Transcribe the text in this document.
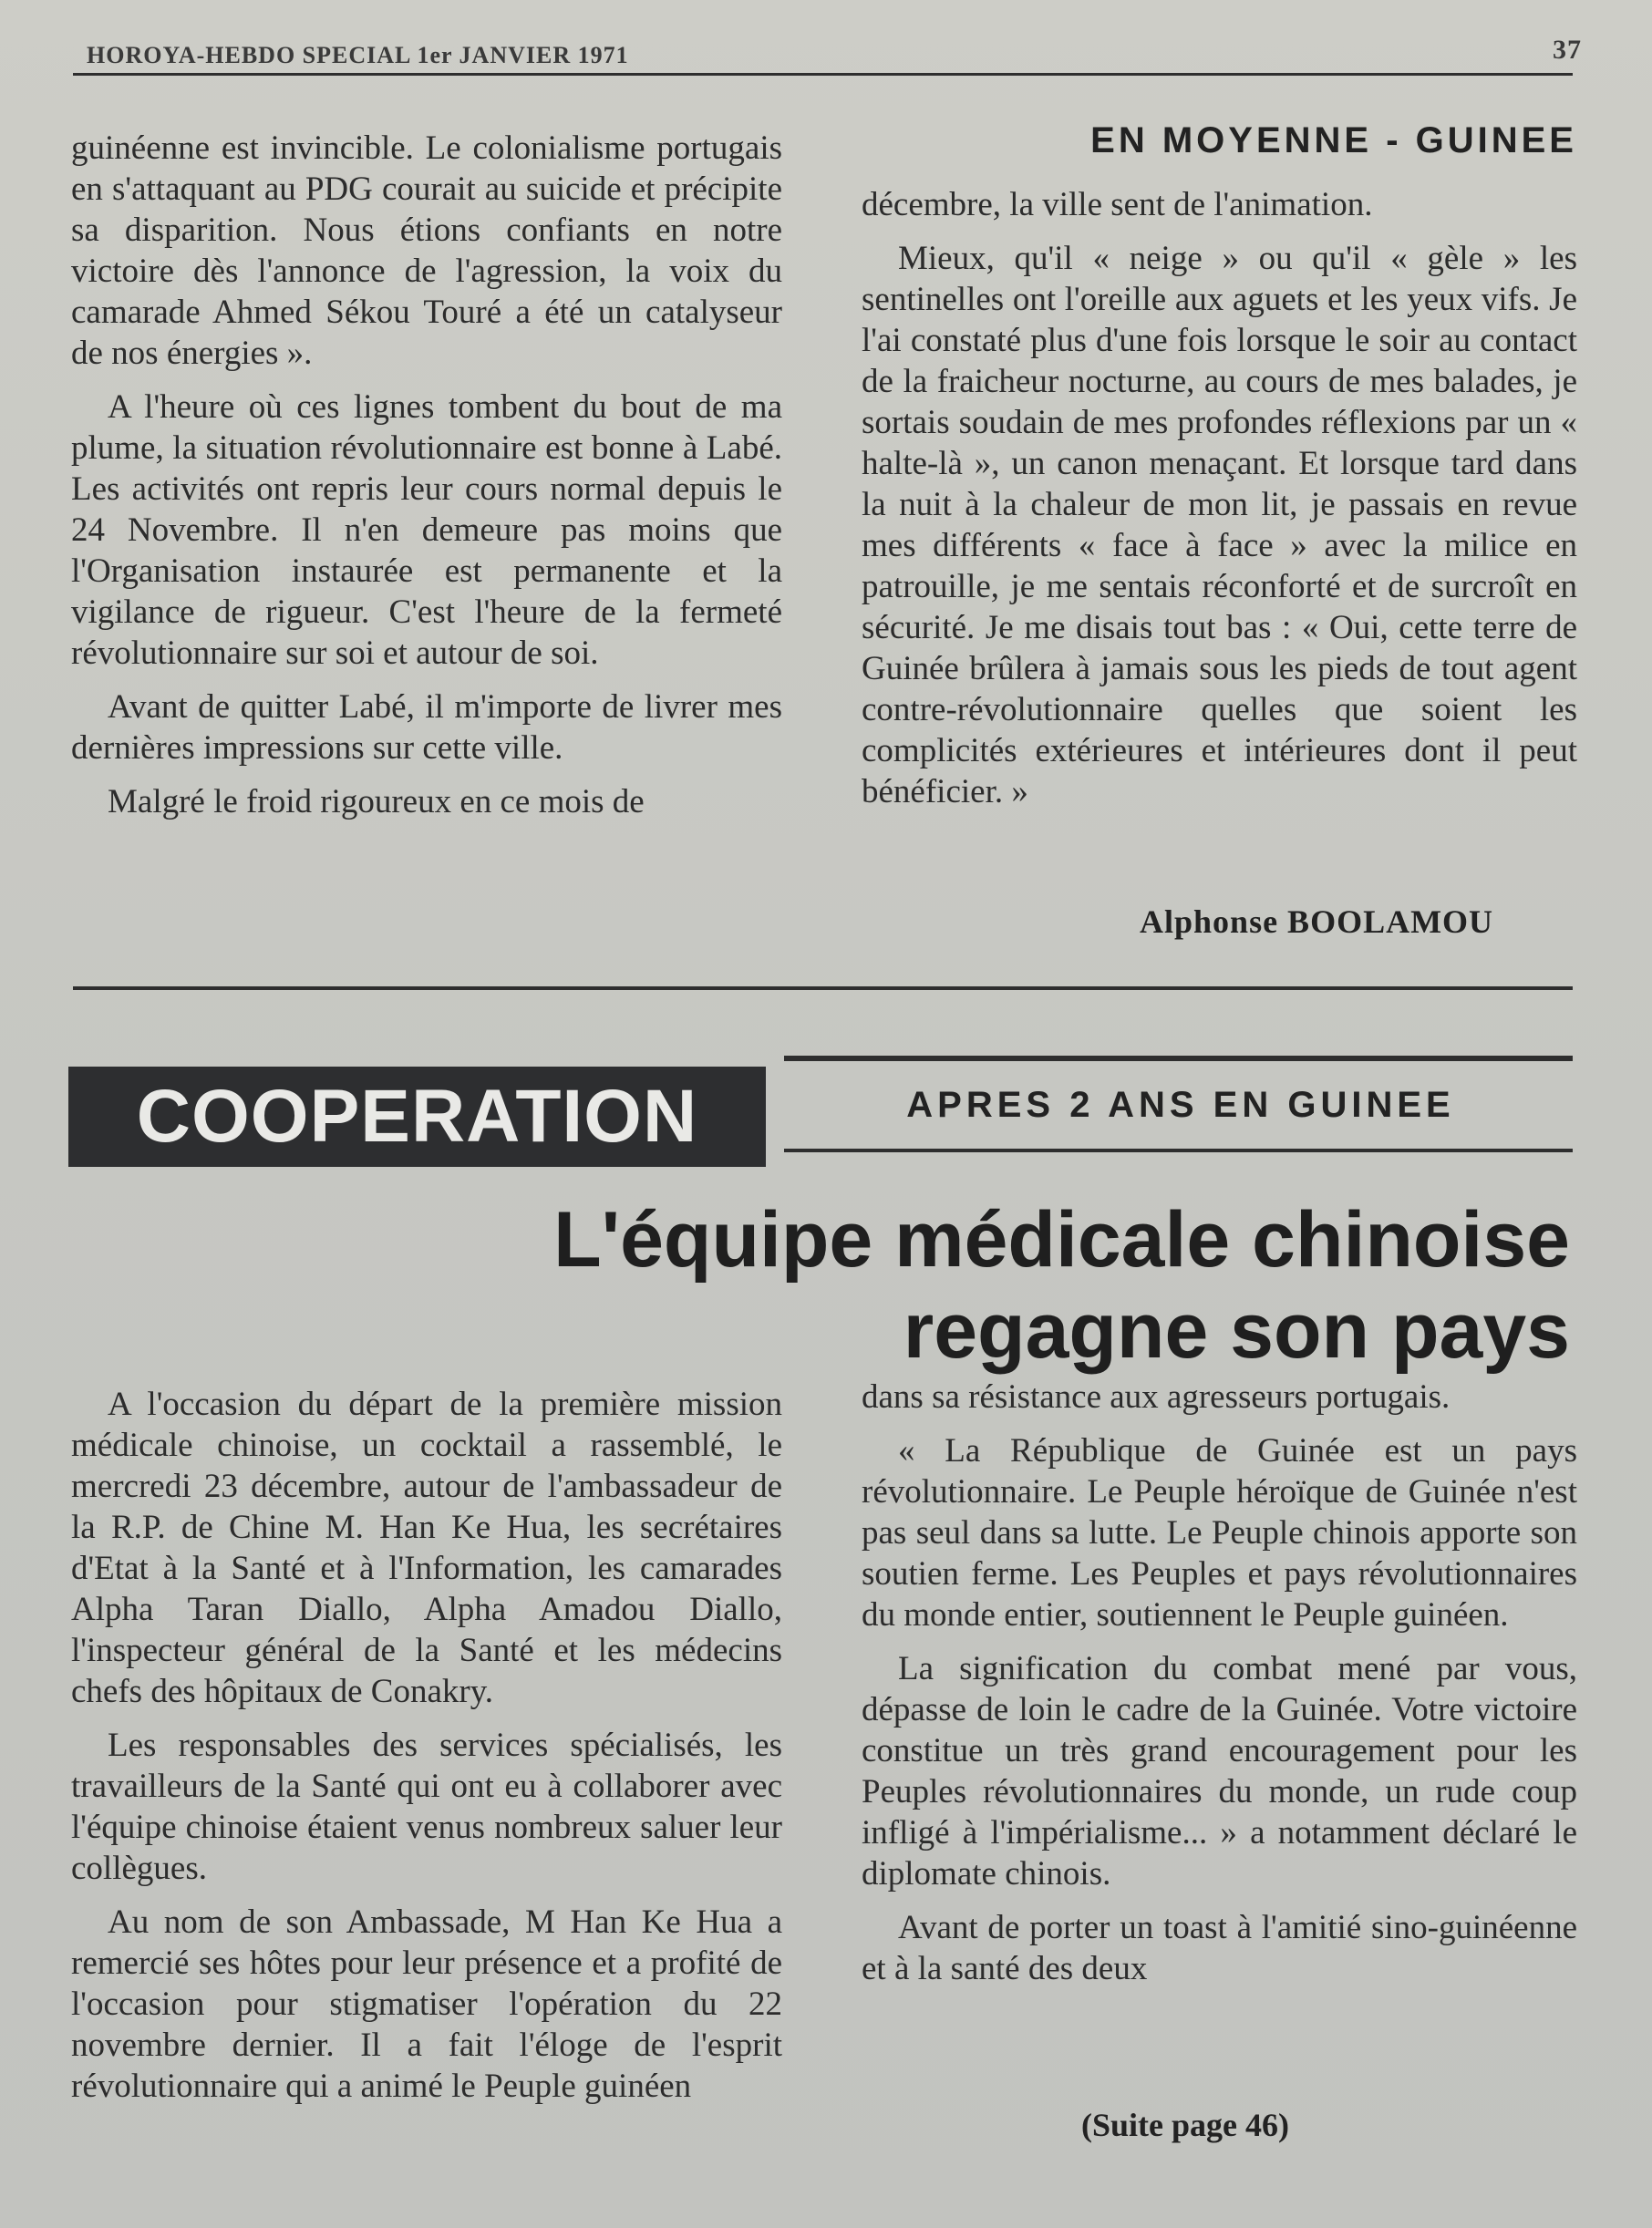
HOROYA-HEBDO SPECIAL 1er JANVIER 1971	37

guinéenne est invincible. Le colonialisme portugais en s'attaquant au PDG courait au suicide et précipite sa disparition. Nous étions confiants en notre victoire dès l'annonce de l'agression, la voix du camarade Ahmed Sékou Touré a été un catalyseur de nos énergies ».

A l'heure où ces lignes tombent du bout de ma plume, la situation révolutionnaire est bonne à Labé. Les activités ont repris leur cours normal depuis le 24 Novembre. Il n'en demeure pas moins que l'Organisation instaurée est permanente et la vigilance de rigueur. C'est l'heure de la fermeté révolutionnaire sur soi et autour de soi.

Avant de quitter Labé, il m'importe de livrer mes dernières impressions sur cette ville.

Malgré le froid rigoureux en ce mois de

EN MOYENNE - GUINEE

décembre, la ville sent de l'animation.

Mieux, qu'il « neige » ou qu'il « gèle » les sentinelles ont l'oreille aux aguets et les yeux vifs. Je l'ai constaté plus d'une fois lorsque le soir au contact de la fraicheur nocturne, au cours de mes balades, je sortais soudain de mes profondes réflexions par un « halte-là », un canon menaçant. Et lorsque tard dans la nuit à la chaleur de mon lit, je passais en revue mes différents « face à face » avec la milice en patrouille, je me sentais réconforté et de surcroît en sécurité. Je me disais tout bas : « Oui, cette terre de Guinée brûlera à jamais sous les pieds de tout agent contre-révolutionnaire quelles que soient les complicités extérieures et intérieures dont il peut bénéficier. »

Alphonse BOOLAMOU
COOPERATION	APRES 2 ANS EN GUINEE
L'équipe médicale chinoise
regagne son pays

A l'occasion du départ de la première mission médicale chinoise, un cocktail a rassemblé, le mercredi 23 décembre, autour de l'ambassadeur de la R.P. de Chine M. Han Ke Hua, les secrétaires d'Etat à la Santé et à l'Information, les camarades Alpha Taran Diallo, Alpha Amadou Diallo, l'inspecteur général de la Santé et les médecins chefs des hôpitaux de Conakry.

Les responsables des services spécialisés, les travailleurs de la Santé qui ont eu à collaborer avec l'équipe chinoise étaient venus nombreux saluer leur collègues.

Au nom de son Ambassade, M Han Ke Hua a remercié ses hôtes pour leur présence et a profité de l'occasion pour stigmatiser l'opération du 22 novembre dernier. Il a fait l'éloge de l'esprit révolutionnaire qui a animé le Peuple guinéen

dans sa résistance aux agresseurs portugais.

« La République de Guinée est un pays révolutionnaire. Le Peuple héroïque de Guinée n'est pas seul dans sa lutte. Le Peuple chinois apporte son soutien ferme. Les Peuples et pays révolutionnaires du monde entier, soutiennent le Peuple guinéen.

La signification du combat mené par vous, dépasse de loin le cadre de la Guinée. Votre victoire constitue un très grand encouragement pour les Peuples révolutionnaires du monde, un rude coup infligé à l'impérialisme... » a notamment déclaré le diplomate chinois.

Avant de porter un toast à l'amitié sino-guinéenne et à la santé des deux

(Suite page 46)
